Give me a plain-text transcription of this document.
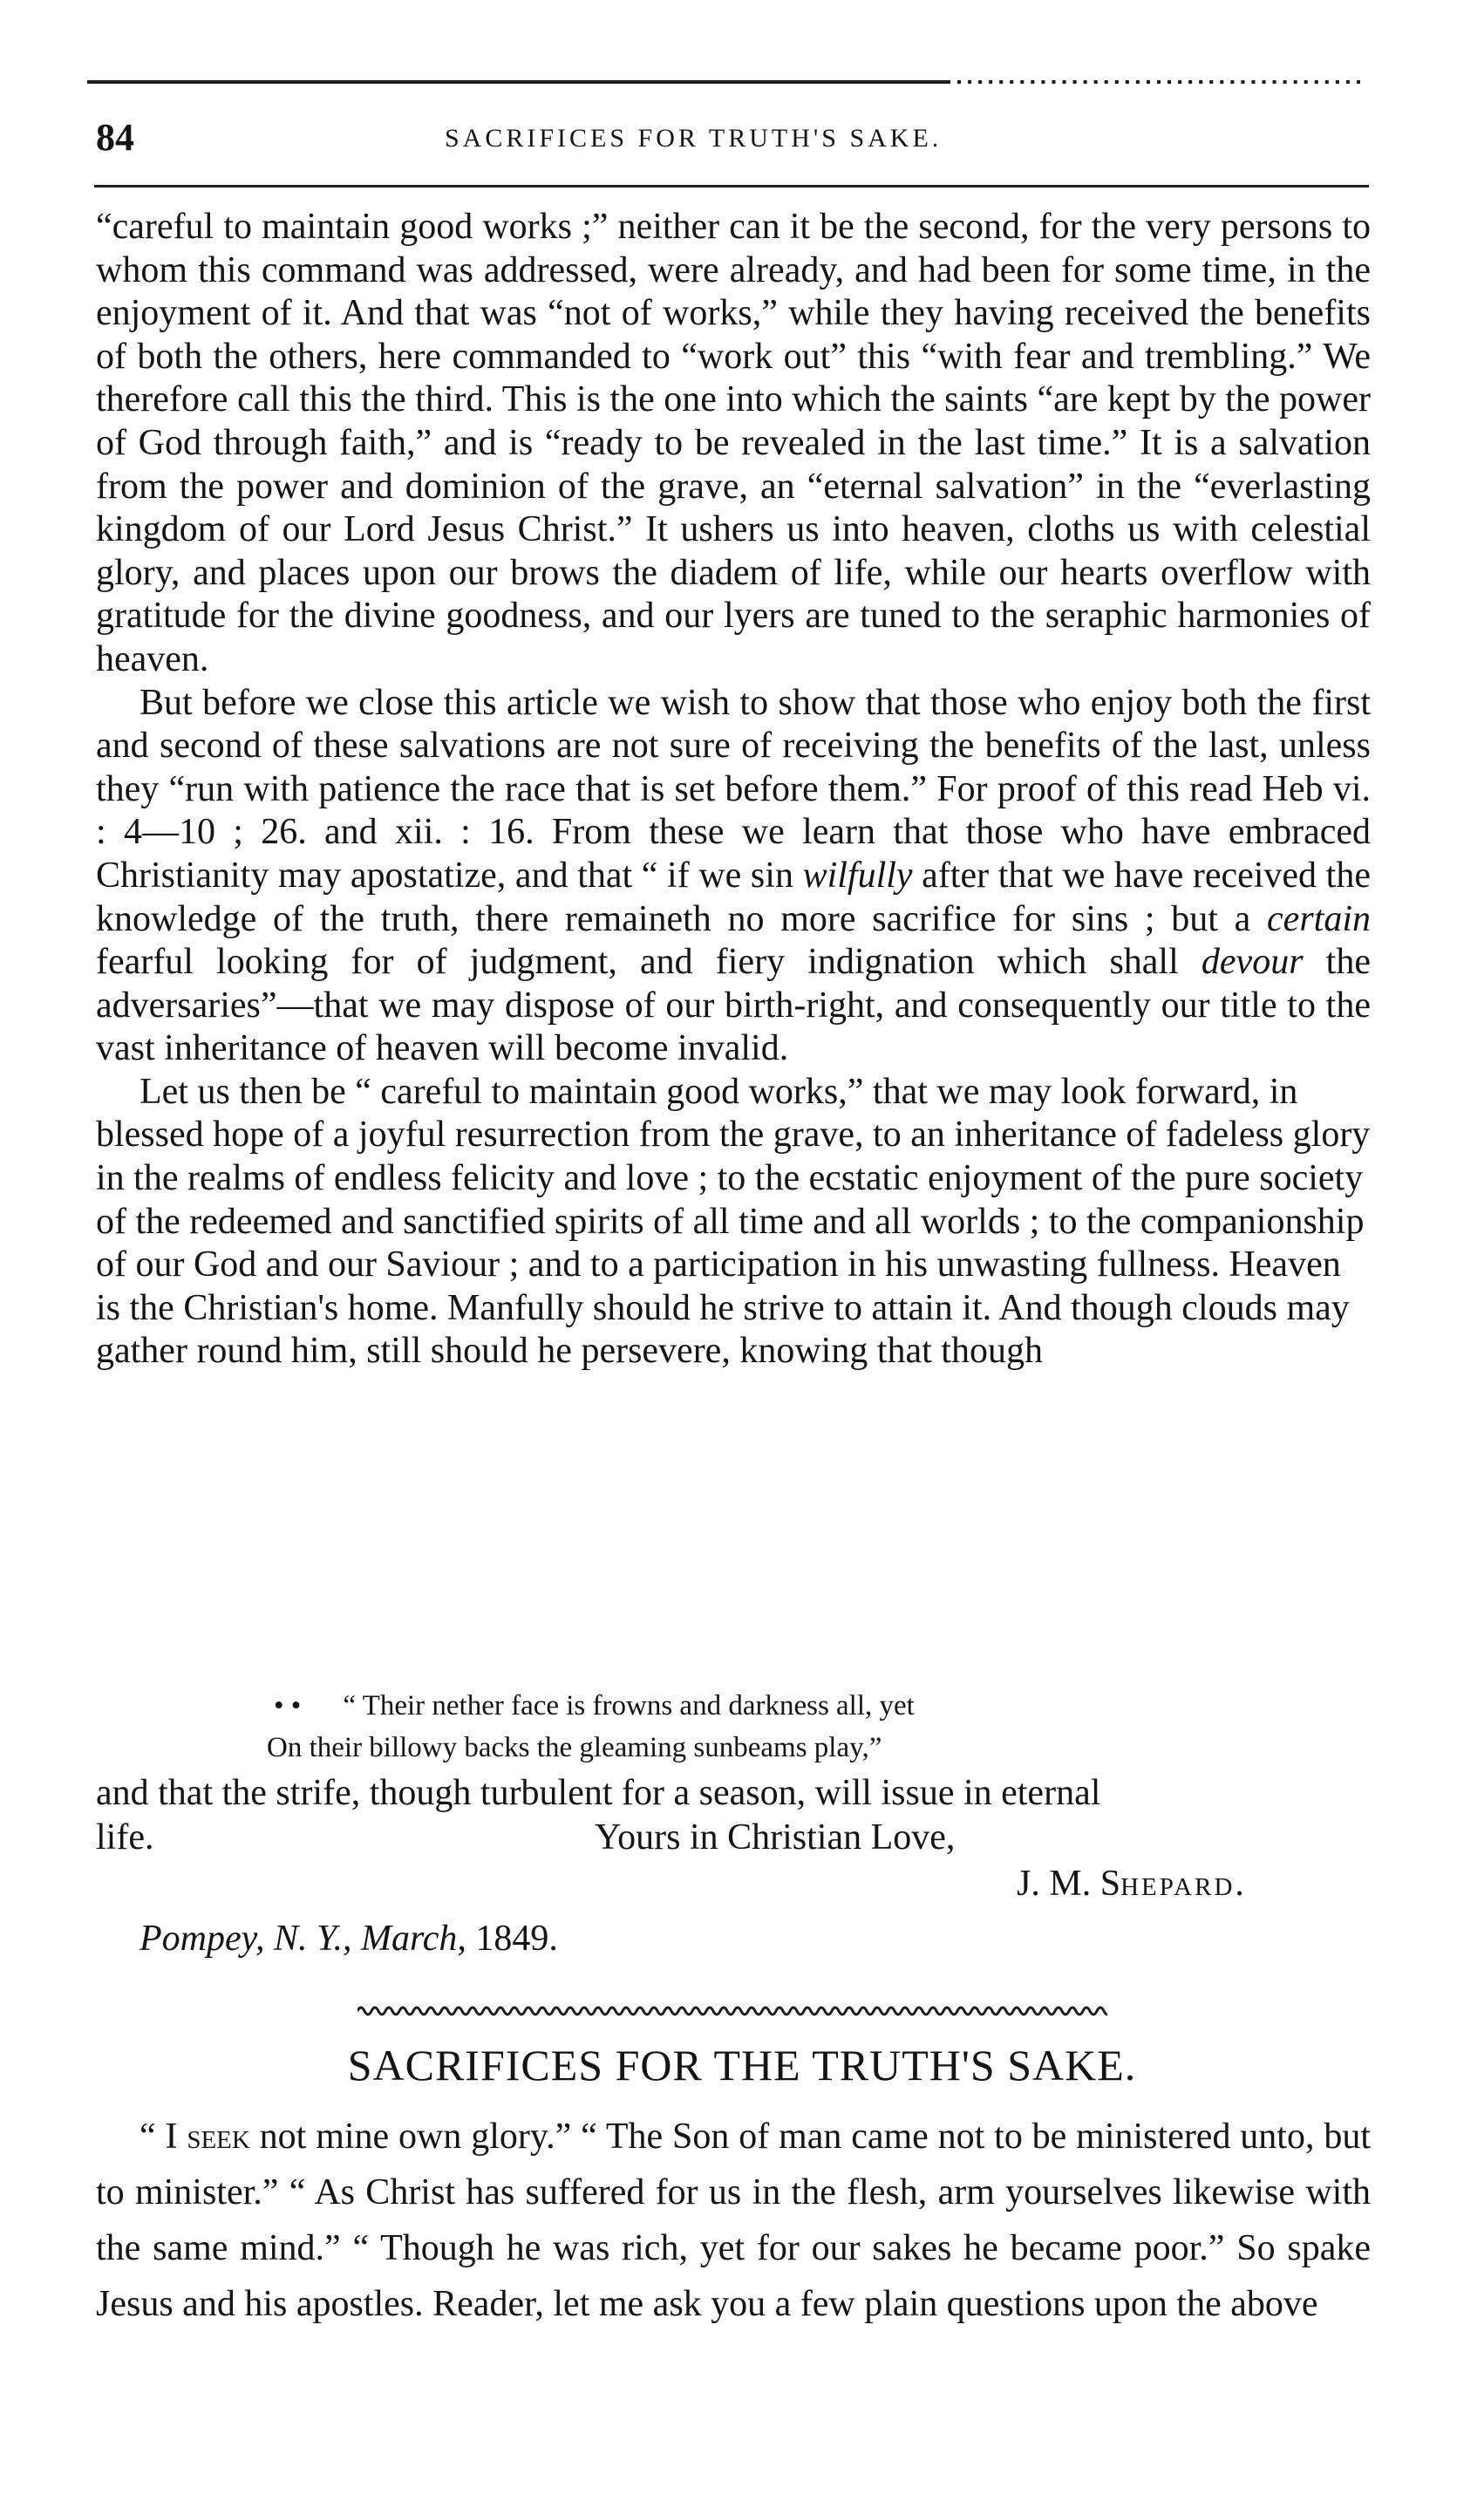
84	SACRIFICES FOR TRUTH'S SAKE.

“careful to maintain good works ;” neither can it be the second, for the very persons to whom this command was addressed, were already, and had been for some time, in the enjoyment of it. And that was “not of works,” while they having received the benefits of both the others, here commanded to “work out” this “with fear and trembling.” We therefore call this the third. This is the one into which the saints “are kept by the power of God through faith,” and is “ready to be revealed in the last time.” It is a salvation from the power and dominion of the grave, an “eternal salvation” in the “everlasting kingdom of our Lord Jesus Christ.” It ushers us into heaven, cloths us with celestial glory, and places upon our brows the diadem of life, while our hearts overflow with gratitude for the divine goodness, and our lyers are tuned to the seraphic harmonies of heaven.

But before we close this article we wish to show that those who enjoy both the first and second of these salvations are not sure of receiving the benefits of the last, unless they “run with patience the race that is set before them.” For proof of this read Heb vi. : 4—10 ; 26. and xii. : 16. From these we learn that those who have embraced Christianity may apostatize, and that “ if we sin wilfully after that we have received the knowledge of the truth, there remaineth no more sacrifice for sins ; but a certain fearful looking for of judgment, and fiery indignation which shall devour the adversaries”—that we may dispose of our birth-right, and consequently our title to the vast inheritance of heaven will become invalid.

Let us then be “ careful to maintain good works,” that we may look forward, in blessed hope of a joyful resurrection from the grave, to an inheritance of fadeless glory in the realms of endless felicity and love ; to the ecstatic enjoyment of the pure society of the redeemed and sanctified spirits of all time and all worlds ; to the companionship of our God and our Saviour ; and to a participation in his unwasting fullness. Heaven is the Christian's home. Manfully should he strive to attain it. And though clouds may gather round him, still should he persevere, knowing that though

• • “ Their nether face is frowns and darkness all, yet
On their billowy backs the gleaming sunbeams play,”
and that the strife, though turbulent for a season, will issue in eternal
life.	Yours in Christian Love,
J. M. Shepard.
Pompey, N. Y., March, 1849.
SACRIFICES FOR THE TRUTH'S SAKE.

“ I seek not mine own glory.” “ The Son of man came not to be ministered unto, but to minister.” “ As Christ has suffered for us in the flesh, arm yourselves likewise with the same mind.” “ Though he was rich, yet for our sakes he became poor.” So spake Jesus and his apostles. Reader, let me ask you a few plain questions upon the above
